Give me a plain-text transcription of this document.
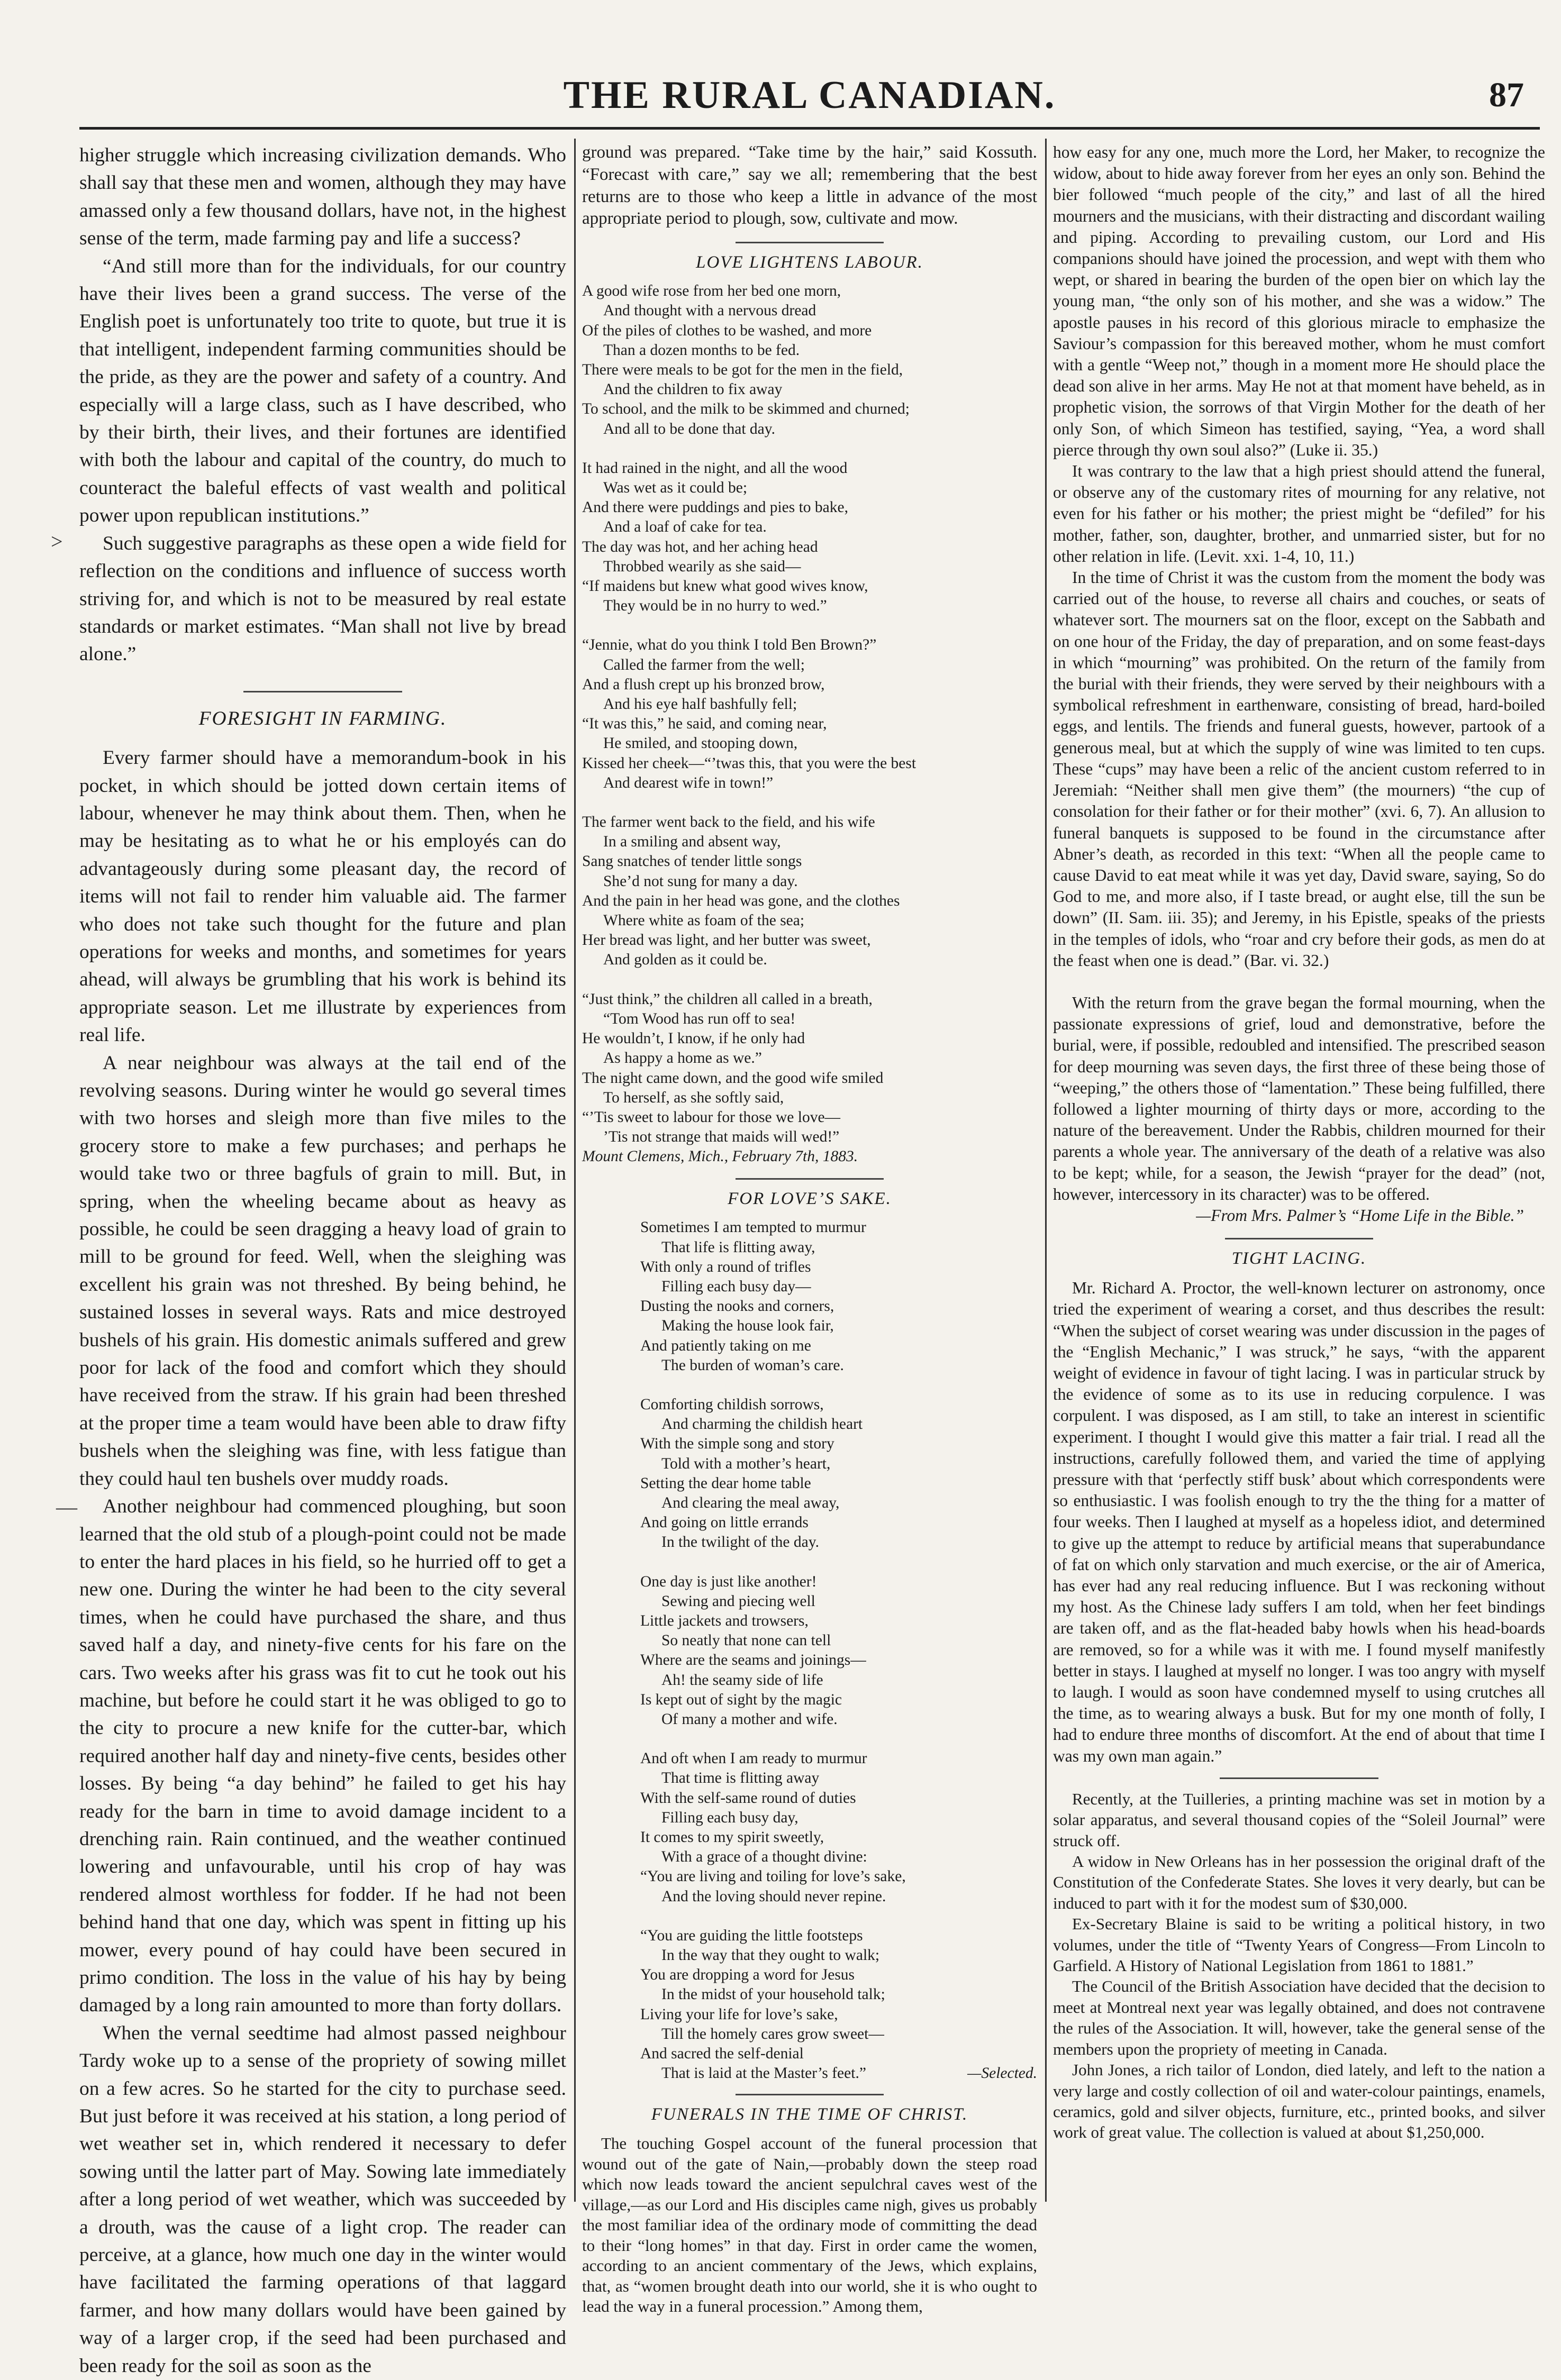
THE RURAL CANADIAN.	87
>
—

higher struggle which increasing civilization demands. Who shall say that these men and women, although they may have amassed only a few thousand dollars, have not, in the highest sense of the term, made farming pay and life a success?

“And still more than for the individuals, for our country have their lives been a grand success. The verse of the English poet is unfortunately too trite to quote, but true it is that intelligent, independent farming communities should be the pride, as they are the power and safety of a country. And especially will a large class, such as I have described, who by their birth, their lives, and their fortunes are identified with both the labour and capital of the country, do much to counteract the baleful effects of vast wealth and political power upon republican institutions.”

Such suggestive paragraphs as these open a wide field for reflection on the conditions and influence of success worth striving for, and which is not to be measured by real estate standards or market estimates. “Man shall not live by bread alone.”

FORESIGHT IN FARMING.

Every farmer should have a memorandum-book in his pocket, in which should be jotted down certain items of labour, whenever he may think about them. Then, when he may be hesitating as to what he or his employés can do advantageously during some pleasant day, the record of items will not fail to render him valuable aid. The farmer who does not take such thought for the future and plan operations for weeks and months, and sometimes for years ahead, will always be grumbling that his work is behind its appropriate season. Let me illustrate by experiences from real life.

A near neighbour was always at the tail end of the revolving seasons. During winter he would go several times with two horses and sleigh more than five miles to the grocery store to make a few purchases; and perhaps he would take two or three bagfuls of grain to mill. But, in spring, when the wheeling became about as heavy as possible, he could be seen dragging a heavy load of grain to mill to be ground for feed. Well, when the sleighing was excellent his grain was not threshed. By being behind, he sustained losses in several ways. Rats and mice destroyed bushels of his grain. His domestic animals suffered and grew poor for lack of the food and comfort which they should have received from the straw. If his grain had been threshed at the proper time a team would have been able to draw fifty bushels when the sleighing was fine, with less fatigue than they could haul ten bushels over muddy roads.

Another neighbour had commenced ploughing, but soon learned that the old stub of a plough-point could not be made to enter the hard places in his field, so he hurried off to get a new one. During the winter he had been to the city several times, when he could have purchased the share, and thus saved half a day, and ninety-five cents for his fare on the cars. Two weeks after his grass was fit to cut he took out his machine, but before he could start it he was obliged to go to the city to procure a new knife for the cutter-bar, which required another half day and ninety-five cents, besides other losses. By being “a day behind” he failed to get his hay ready for the barn in time to avoid damage incident to a drenching rain. Rain continued, and the weather continued lowering and unfavourable, until his crop of hay was rendered almost worthless for fodder. If he had not been behind hand that one day, which was spent in fitting up his mower, every pound of hay could have been secured in primo condition. The loss in the value of his hay by being damaged by a long rain amounted to more than forty dollars.

When the vernal seedtime had almost passed neighbour Tardy woke up to a sense of the propriety of sowing millet on a few acres. So he started for the city to purchase seed. But just before it was received at his station, a long period of wet weather set in, which rendered it necessary to defer sowing until the latter part of May. Sowing late immediately after a long period of wet weather, which was succeeded by a drouth, was the cause of a light crop. The reader can perceive, at a glance, how much one day in the winter would have facilitated the farming operations of that laggard farmer, and how many dollars would have been gained by way of a larger crop, if the seed had been purchased and been ready for the soil as soon as the

ground was prepared. “Take time by the hair,” said Kossuth. “Forecast with care,” say we all; remembering that the best returns are to those who keep a little in advance of the most appropriate period to plough, sow, cultivate and mow.

LOVE LIGHTENS LABOUR.
A good wife rose from her bed one morn,
And thought with a nervous dread
Of the piles of clothes to be washed, and more
Than a dozen months to be fed.
There were meals to be got for the men in the field,
And the children to fix away
To school, and the milk to be skimmed and churned;
And all to be done that day.
It had rained in the night, and all the wood
Was wet as it could be;
And there were puddings and pies to bake,
And a loaf of cake for tea.
The day was hot, and her aching head
Throbbed wearily as she said—
“If maidens but knew what good wives know,
They would be in no hurry to wed.”
“Jennie, what do you think I told Ben Brown?”
Called the farmer from the well;
And a flush crept up his bronzed brow,
And his eye half bashfully fell;
“It was this,” he said, and coming near,
He smiled, and stooping down,
Kissed her cheek—“’twas this, that you were the best
And dearest wife in town!”
The farmer went back to the field, and his wife
In a smiling and absent way,
Sang snatches of tender little songs
She’d not sung for many a day.
And the pain in her head was gone, and the clothes
Where white as foam of the sea;
Her bread was light, and her butter was sweet,
And golden as it could be.
“Just think,” the children all called in a breath,
“Tom Wood has run off to sea!
He wouldn’t, I know, if he only had
As happy a home as we.”
The night came down, and the good wife smiled
To herself, as she softly said,
“’Tis sweet to labour for those we love—
’Tis not strange that maids will wed!”
Mount Clemens, Mich., February 7th, 1883.
FOR LOVE’S SAKE.
Sometimes I am tempted to murmur
That life is flitting away,
With only a round of trifles
Filling each busy day—
Dusting the nooks and corners,
Making the house look fair,
And patiently taking on me
The burden of woman’s care.
Comforting childish sorrows,
And charming the childish heart
With the simple song and story
Told with a mother’s heart,
Setting the dear home table
And clearing the meal away,
And going on little errands
In the twilight of the day.
One day is just like another!
Sewing and piecing well
Little jackets and trowsers,
So neatly that none can tell
Where are the seams and joinings—
Ah! the seamy side of life
Is kept out of sight by the magic
Of many a mother and wife.
And oft when I am ready to murmur
That time is flitting away
With the self-same round of duties
Filling each busy day,
It comes to my spirit sweetly,
With a grace of a thought divine:
“You are living and toiling for love’s sake,
And the loving should never repine.
“You are guiding the little footsteps
In the way that they ought to walk;
You are dropping a word for Jesus
In the midst of your household talk;
Living your life for love’s sake,
Till the homely cares grow sweet—
And sacred the self-denial
That is laid at the Master’s feet.”	—Selected.
FUNERALS IN THE TIME OF CHRIST.

The touching Gospel account of the funeral procession that wound out of the gate of Nain,—probably down the steep road which now leads toward the ancient sepulchral caves west of the village,—as our Lord and His disciples came nigh, gives us probably the most familiar idea of the ordinary mode of committing the dead to their “long homes” in that day. First in order came the women, according to an ancient commentary of the Jews, which explains, that, as “women brought death into our world, she it is who ought to lead the way in a funeral procession.” Among them,

how easy for any one, much more the Lord, her Maker, to recognize the widow, about to hide away forever from her eyes an only son. Behind the bier followed “much people of the city,” and last of all the hired mourners and the musicians, with their distracting and discordant wailing and piping. According to prevailing custom, our Lord and His companions should have joined the procession, and wept with them who wept, or shared in bearing the burden of the open bier on which lay the young man, “the only son of his mother, and she was a widow.” The apostle pauses in his record of this glorious miracle to emphasize the Saviour’s compassion for this bereaved mother, whom he must comfort with a gentle “Weep not,” though in a moment more He should place the dead son alive in her arms. May He not at that moment have beheld, as in prophetic vision, the sorrows of that Virgin Mother for the death of her only Son, of which Simeon has testified, saying, “Yea, a word shall pierce through thy own soul also?” (Luke ii. 35.)

It was contrary to the law that a high priest should attend the funeral, or observe any of the customary rites of mourning for any relative, not even for his father or his mother; the priest might be “defiled” for his mother, father, son, daughter, brother, and unmarried sister, but for no other relation in life. (Levit. xxi. 1-4, 10, 11.)

In the time of Christ it was the custom from the moment the body was carried out of the house, to reverse all chairs and couches, or seats of whatever sort. The mourners sat on the floor, except on the Sabbath and on one hour of the Friday, the day of preparation, and on some feast-days in which “mourning” was prohibited. On the return of the family from the burial with their friends, they were served by their neighbours with a symbolical refreshment in earthenware, consisting of bread, hard-boiled eggs, and lentils. The friends and funeral guests, however, partook of a generous meal, but at which the supply of wine was limited to ten cups. These “cups” may have been a relic of the ancient custom referred to in Jeremiah: “Neither shall men give them” (the mourners) “the cup of consolation for their father or for their mother” (xvi. 6, 7). An allusion to funeral banquets is supposed to be found in the circumstance after Abner’s death, as recorded in this text: “When all the people came to cause David to eat meat while it was yet day, David sware, saying, So do God to me, and more also, if I taste bread, or aught else, till the sun be down” (II. Sam. iii. 35); and Jeremy, in his Epistle, speaks of the priests in the temples of idols, who “roar and cry before their gods, as men do at the feast when one is dead.” (Bar. vi. 32.)

With the return from the grave began the formal mourning, when the passionate expressions of grief, loud and demonstrative, before the burial, were, if possible, redoubled and intensified. The prescribed season for deep mourning was seven days, the first three of these being those of “weeping,” the others those of “lamentation.” These being fulfilled, there followed a lighter mourning of thirty days or more, according to the nature of the bereavement. Under the Rabbis, children mourned for their parents a whole year. The anniversary of the death of a relative was also to be kept; while, for a season, the Jewish “prayer for the dead” (not, however, intercessory in its character) was to be offered.

—From Mrs. Palmer’s “Home Life in the Bible.”

TIGHT LACING.

Mr. Richard A. Proctor, the well-known lecturer on astronomy, once tried the experiment of wearing a corset, and thus describes the result: “When the subject of corset wearing was under discussion in the pages of the “English Mechanic,” I was struck,” he says, “with the apparent weight of evidence in favour of tight lacing. I was in particular struck by the evidence of some as to its use in reducing corpulence. I was corpulent. I was disposed, as I am still, to take an interest in scientific experiment. I thought I would give this matter a fair trial. I read all the instructions, carefully followed them, and varied the time of applying pressure with that ‘perfectly stiff busk’ about which correspondents were so enthusiastic. I was foolish enough to try the the thing for a matter of four weeks. Then I laughed at myself as a hopeless idiot, and determined to give up the attempt to reduce by artificial means that superabundance of fat on which only starvation and much exercise, or the air of America, has ever had any real reducing influence. But I was reckoning without my host. As the Chinese lady suffers I am told, when her feet bindings are taken off, and as the flat-headed baby howls when his head-boards are removed, so for a while was it with me. I found myself manifestly better in stays. I laughed at myself no longer. I was too angry with myself to laugh. I would as soon have condemned myself to using crutches all the time, as to wearing always a busk. But for my one month of folly, I had to endure three months of discomfort. At the end of about that time I was my own man again.”

Recently, at the Tuilleries, a printing machine was set in motion by a solar apparatus, and several thousand copies of the “Soleil Journal” were struck off.

A widow in New Orleans has in her possession the original draft of the Constitution of the Confederate States. She loves it very dearly, but can be induced to part with it for the modest sum of $30,000.

Ex-Secretary Blaine is said to be writing a political history, in two volumes, under the title of “Twenty Years of Congress—From Lincoln to Garfield. A History of National Legislation from 1861 to 1881.”

The Council of the British Association have decided that the decision to meet at Montreal next year was legally obtained, and does not contravene the rules of the Association. It will, however, take the general sense of the members upon the propriety of meeting in Canada.

John Jones, a rich tailor of London, died lately, and left to the nation a very large and costly collection of oil and water-colour paintings, enamels, ceramics, gold and silver objects, furniture, etc., printed books, and silver work of great value. The collection is valued at about $1,250,000.
